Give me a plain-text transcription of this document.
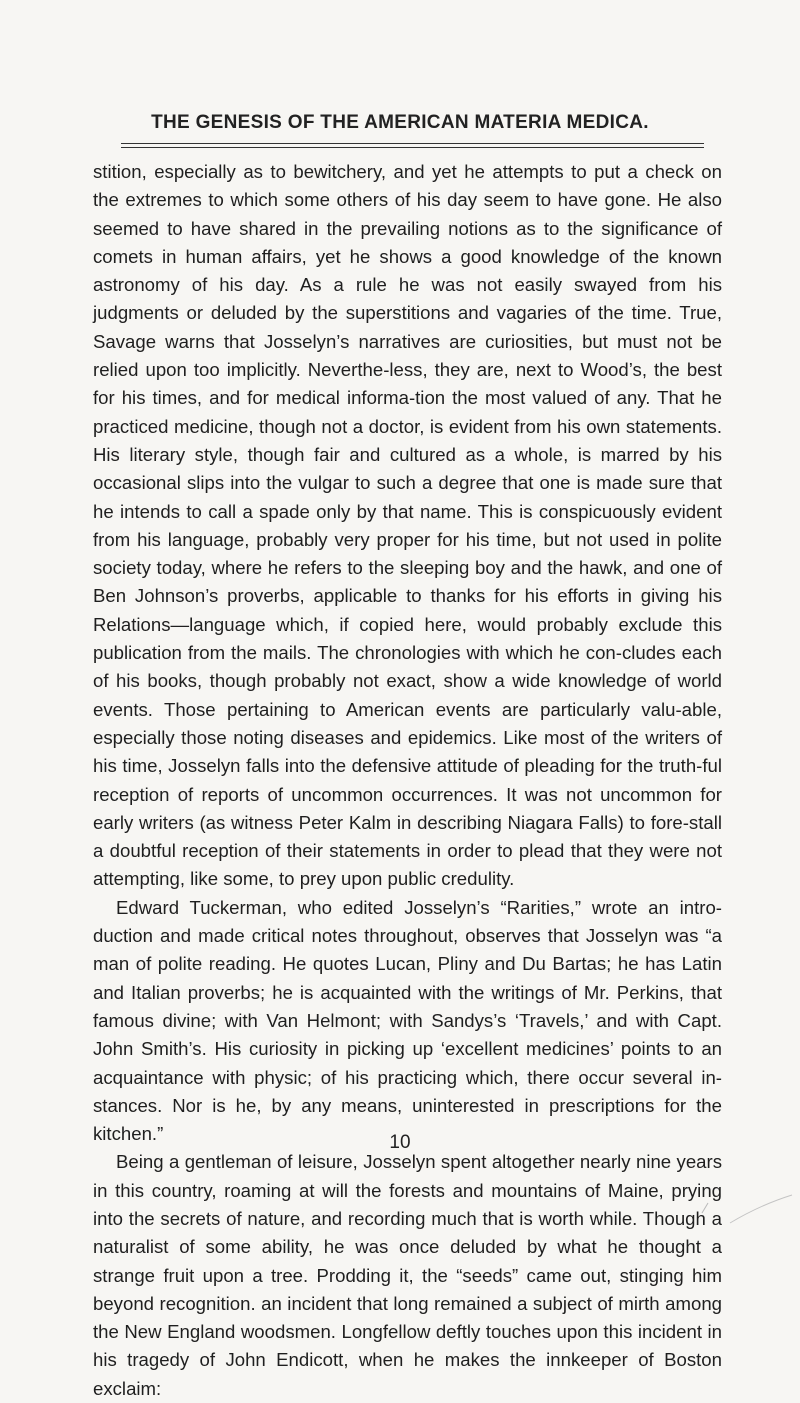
THE GENESIS OF THE AMERICAN MATERIA MEDICA.

stition, especially as to bewitchery, and yet he attempts to put a check on the extremes to which some others of his day seem to have gone. He also seemed to have shared in the prevailing notions as to the significance of comets in human affairs, yet he shows a good knowledge of the known astronomy of his day. As a rule he was not easily swayed from his judgments or deluded by the superstitions and vagaries of the time. True, Savage warns that Josselyn’s narratives are curiosities, but must not be relied upon too implicitly. Neverthe-less, they are, next to Wood’s, the best for his times, and for medical informa-tion the most valued of any. That he practiced medicine, though not a doctor, is evident from his own statements. His literary style, though fair and cultured as a whole, is marred by his occasional slips into the vulgar to such a degree that one is made sure that he intends to call a spade only by that name. This is conspicuously evident from his language, probably very proper for his time, but not used in polite society today, where he refers to the sleeping boy and the hawk, and one of Ben Johnson’s proverbs, applicable to thanks for his efforts in giving his Relations—language which, if copied here, would probably exclude this publication from the mails. The chronologies with which he con-cludes each of his books, though probably not exact, show a wide knowledge of world events. Those pertaining to American events are particularly valu-able, especially those noting diseases and epidemics. Like most of the writers of his time, Josselyn falls into the defensive attitude of pleading for the truth-ful reception of reports of uncommon occurrences. It was not uncommon for early writers (as witness Peter Kalm in describing Niagara Falls) to fore-stall a doubtful reception of their statements in order to plead that they were not attempting, like some, to prey upon public credulity.

Edward Tuckerman, who edited Josselyn’s “Rarities,” wrote an intro-duction and made critical notes throughout, observes that Josselyn was “a man of polite reading. He quotes Lucan, Pliny and Du Bartas; he has Latin and Italian proverbs; he is acquainted with the writings of Mr. Perkins, that famous divine; with Van Helmont; with Sandys’s ‘Travels,’ and with Capt. John Smith’s. His curiosity in picking up ‘excellent medicines’ points to an acquaintance with physic; of his practicing which, there occur several in-stances. Nor is he, by any means, uninterested in prescriptions for the kitchen.”

Being a gentleman of leisure, Josselyn spent altogether nearly nine years in this country, roaming at will the forests and mountains of Maine, prying into the secrets of nature, and recording much that is worth while. Though a naturalist of some ability, he was once deluded by what he thought a strange fruit upon a tree. Prodding it, the “seeds” came out, stinging him beyond recognition. an incident that long remained a subject of mirth among the New England woodsmen. Longfellow deftly touches upon this incident in his tragedy of John Endicott, when he makes the innkeeper of Boston exclaim:

10
